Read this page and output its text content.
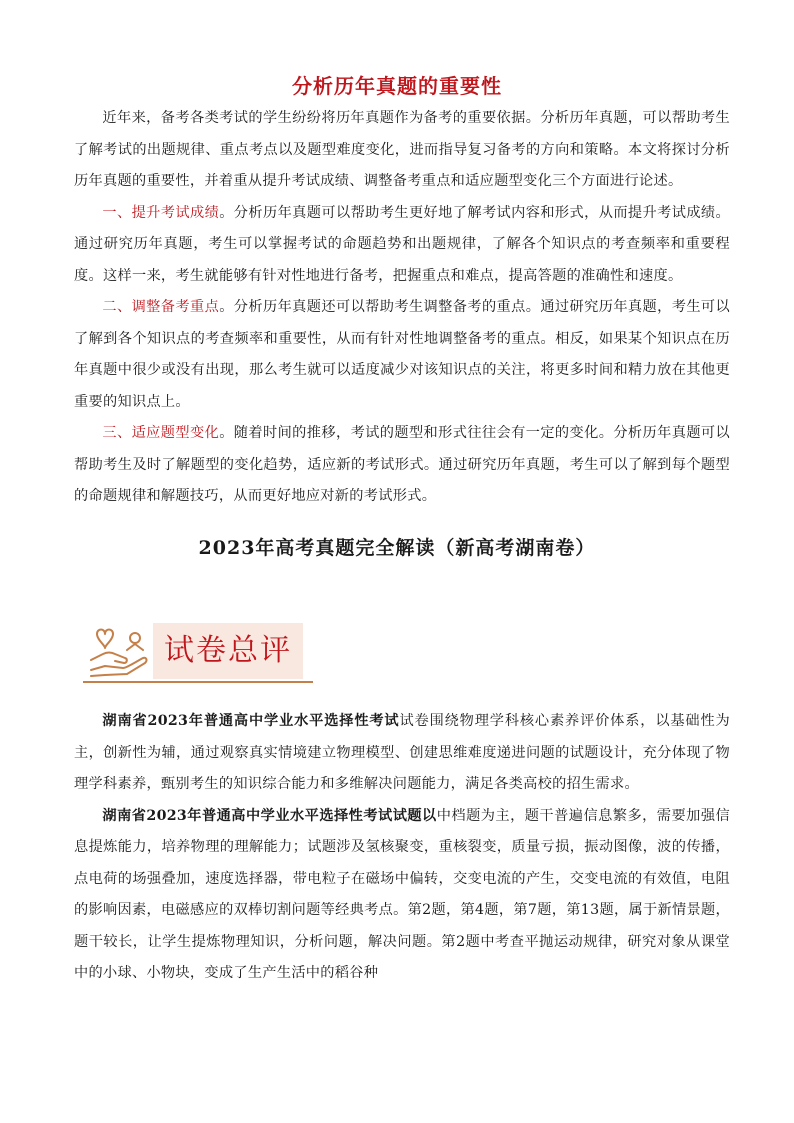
分析历年真题的重要性

近年来，备考各类考试的学生纷纷将历年真题作为备考的重要依据。分析历年真题，可以帮助考生了解考试的出题规律、重点考点以及题型难度变化，进而指导复习备考的方向和策略。本文将探讨分析历年真题的重要性，并着重从提升考试成绩、调整备考重点和适应题型变化三个方面进行论述。

一、提升考试成绩。分析历年真题可以帮助考生更好地了解考试内容和形式，从而提升考试成绩。通过研究历年真题，考生可以掌握考试的命题趋势和出题规律，了解各个知识点的考查频率和重要程度。这样一来，考生就能够有针对性地进行备考，把握重点和难点，提高答题的准确性和速度。

二、调整备考重点。分析历年真题还可以帮助考生调整备考的重点。通过研究历年真题，考生可以了解到各个知识点的考查频率和重要性，从而有针对性地调整备考的重点。相反，如果某个知识点在历年真题中很少或没有出现，那么考生就可以适度减少对该知识点的关注，将更多时间和精力放在其他更重要的知识点上。

三、适应题型变化。随着时间的推移，考试的题型和形式往往会有一定的变化。分析历年真题可以帮助考生及时了解题型的变化趋势，适应新的考试形式。通过研究历年真题，考生可以了解到每个题型的命题规律和解题技巧，从而更好地应对新的考试形式。

2023年高考真题完全解读（新高考湖南卷）
试卷总评

湖南省2023年普通高中学业水平选择性考试试卷围绕物理学科核心素养评价体系，以基础性为主，创新性为辅，通过观察真实情境建立物理模型、创建思维难度递进问题的试题设计，充分体现了物理学科素养，甄别考生的知识综合能力和多维解决问题能力，满足各类高校的招生需求。

湖南省2023年普通高中学业水平选择性考试试题以中档题为主，题干普遍信息繁多，需要加强信息提炼能力，培养物理的理解能力；试题涉及氢核聚变，重核裂变，质量亏损，振动图像，波的传播，点电荷的场强叠加，速度选择器，带电粒子在磁场中偏转，交变电流的产生，交变电流的有效值，电阻的影响因素，电磁感应的双棒切割问题等经典考点。第2题，第4题，第7题，第13题，属于新情景题， 题干较长，让学生提炼物理知识，分析问题，解决问题。第2题中考查平抛运动规律，研究对象从课堂中的小球、小物块，变成了生产生活中的稻谷种
